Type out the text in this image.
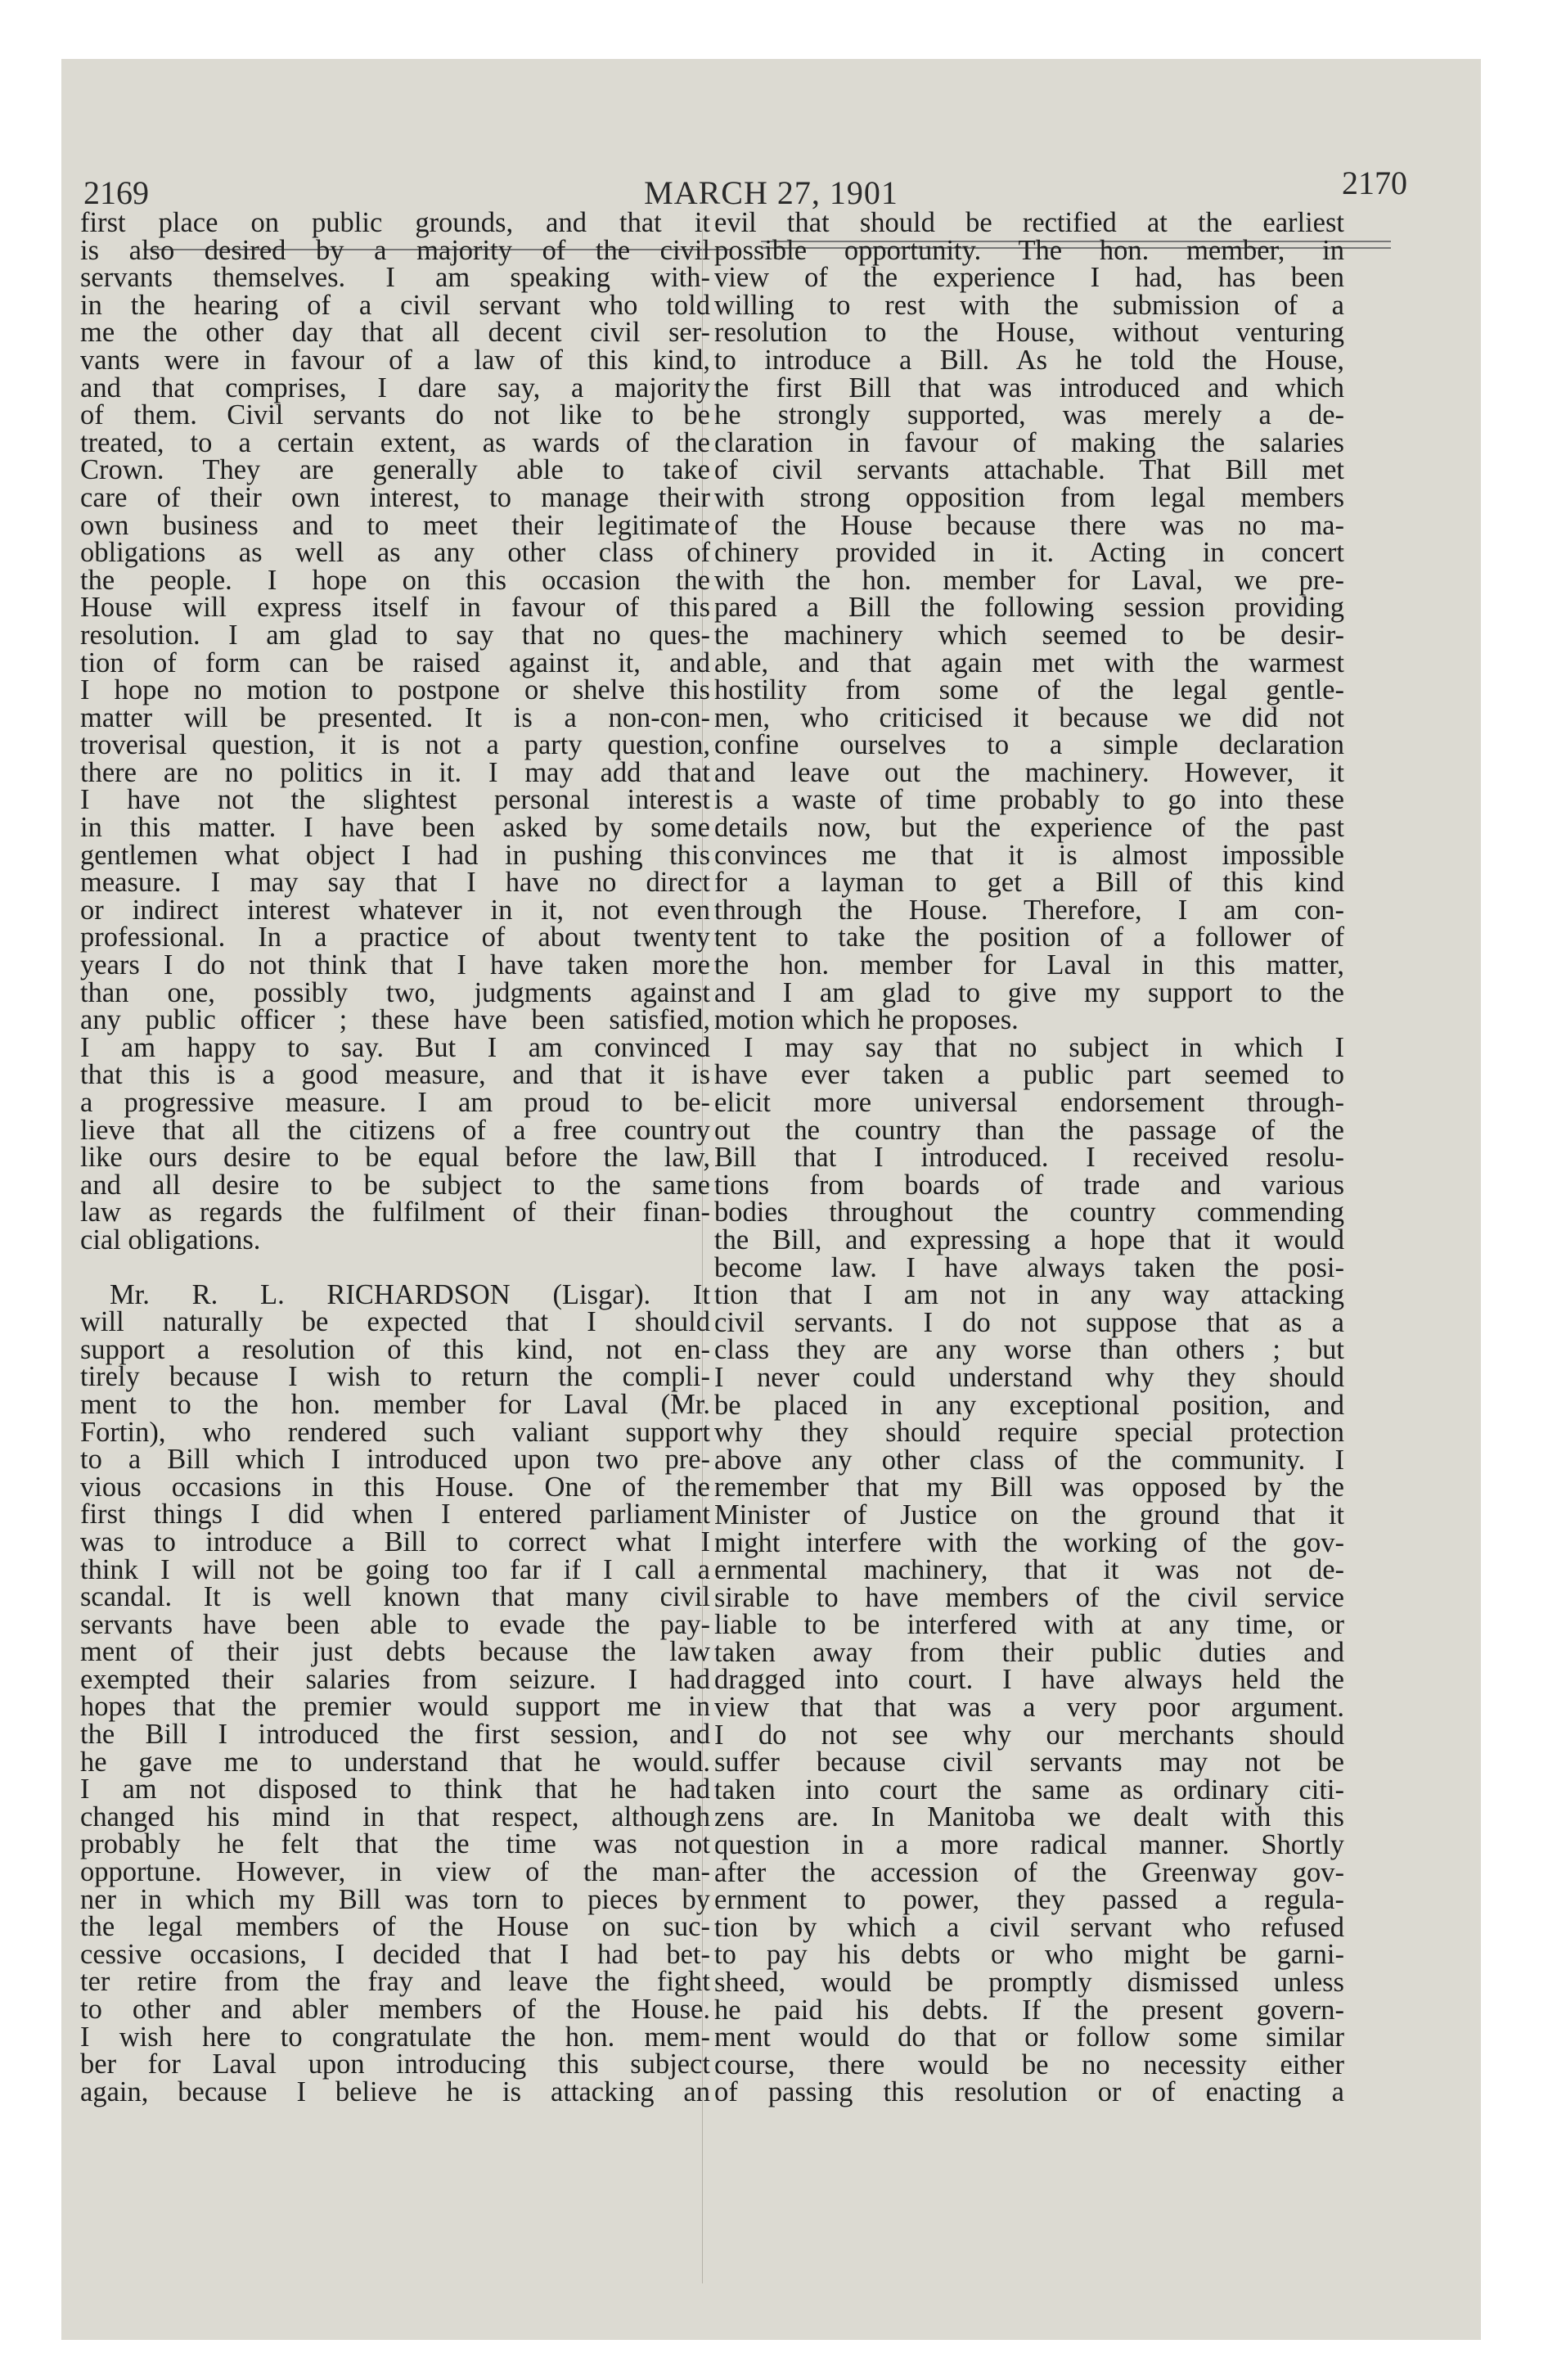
2169	MARCH 27, 1901	2170

first place on public grounds, and that it

is also desired by a majority of the civil

servants themselves. I am speaking with-

in the hearing of a civil servant who told

me the other day that all decent civil ser-

vants were in favour of a law of this kind,

and that comprises, I dare say, a majority

of them. Civil servants do not like to be

treated, to a certain extent, as wards of the

Crown. They are generally able to take

care of their own interest, to manage their

own business and to meet their legitimate

obligations as well as any other class of

the people. I hope on this occasion the

House will express itself in favour of this

resolution. I am glad to say that no ques-

tion of form can be raised against it, and

I hope no motion to postpone or shelve this

matter will be presented. It is a non-con-

troverisal question, it is not a party question,

there are no politics in it. I may add that

I have not the slightest personal interest

in this matter. I have been asked by some

gentlemen what object I had in pushing this

measure. I may say that I have no direct

or indirect interest whatever in it, not even

professional. In a practice of about twenty

years I do not think that I have taken more

than one, possibly two, judgments against

any public officer ; these have been satisfied,

I am happy to say. But I am convinced

that this is a good measure, and that it is

a progressive measure. I am proud to be-

lieve that all the citizens of a free country

like ours desire to be equal before the law,

and all desire to be subject to the same

law as regards the fulfilment of their finan-

cial obligations.

Mr. R. L. RICHARDSON (Lisgar). It

will naturally be expected that I should

support a resolution of this kind, not en-

tirely because I wish to return the compli-

ment to the hon. member for Laval (Mr.

Fortin), who rendered such valiant support

to a Bill which I introduced upon two pre-

vious occasions in this House. One of the

first things I did when I entered parliament

was to introduce a Bill to correct what I

think I will not be going too far if I call a

scandal. It is well known that many civil

servants have been able to evade the pay-

ment of their just debts because the law

exempted their salaries from seizure. I had

hopes that the premier would support me in

the Bill I introduced the first session, and

he gave me to understand that he would.

I am not disposed to think that he had

changed his mind in that respect, although

probably he felt that the time was not

opportune. However, in view of the man-

ner in which my Bill was torn to pieces by

the legal members of the House on suc-

cessive occasions, I decided that I had bet-

ter retire from the fray and leave the fight

to other and abler members of the House.

I wish here to congratulate the hon. mem-

ber for Laval upon introducing this subject

again, because I believe he is attacking an

evil that should be rectified at the earliest

possible opportunity. The hon. member, in

view of the experience I had, has been

willing to rest with the submission of a

resolution to the House, without venturing

to introduce a Bill. As he told the House,

the first Bill that was introduced and which

he strongly supported, was merely a de-

claration in favour of making the salaries

of civil servants attachable. That Bill met

with strong opposition from legal members

of the House because there was no ma-

chinery provided in it. Acting in concert

with the hon. member for Laval, we pre-

pared a Bill the following session providing

the machinery which seemed to be desir-

able, and that again met with the warmest

hostility from some of the legal gentle-

men, who criticised it because we did not

confine ourselves to a simple declaration

and leave out the machinery. However, it

is a waste of time probably to go into these

details now, but the experience of the past

convinces me that it is almost impossible

for a layman to get a Bill of this kind

through the House. Therefore, I am con-

tent to take the position of a follower of

the hon. member for Laval in this matter,

and I am glad to give my support to the

motion which he proposes.

I may say that no subject in which I

have ever taken a public part seemed to

elicit more universal endorsement through-

out the country than the passage of the

Bill that I introduced. I received resolu-

tions from boards of trade and various

bodies throughout the country commending

the Bill, and expressing a hope that it would

become law. I have always taken the posi-

tion that I am not in any way attacking

civil servants. I do not suppose that as a

class they are any worse than others ; but

I never could understand why they should

be placed in any exceptional position, and

why they should require special protection

above any other class of the community. I

remember that my Bill was opposed by the

Minister of Justice on the ground that it

might interfere with the working of the gov-

ernmental machinery, that it was not de-

sirable to have members of the civil service

liable to be interfered with at any time, or

taken away from their public duties and

dragged into court. I have always held the

view that that was a very poor argument.

I do not see why our merchants should

suffer because civil servants may not be

taken into court the same as ordinary citi-

zens are. In Manitoba we dealt with this

question in a more radical manner. Shortly

after the accession of the Greenway gov-

ernment to power, they passed a regula-

tion by which a civil servant who refused

to pay his debts or who might be garni-

sheed, would be promptly dismissed unless

he paid his debts. If the present govern-

ment would do that or follow some similar

course, there would be no necessity either

of passing this resolution or of enacting a
